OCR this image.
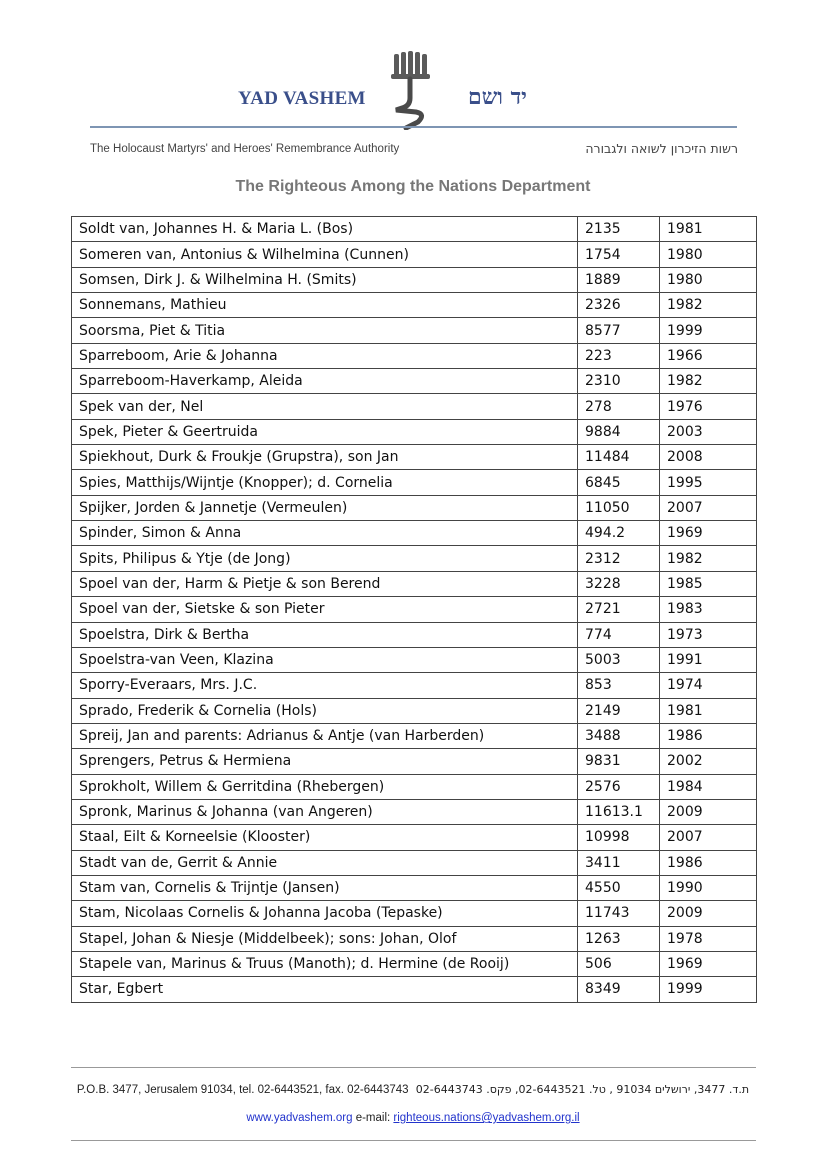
YAD VASHEM	יד ושם
The Holocaust Martyrs' and Heroes' Remembrance Authority	רשות הזיכרון לשואה ולגבורה
The Righteous Among the Nations Department
Soldt van, Johannes H. & Maria L. (Bos)	2135	1981
Someren van, Antonius & Wilhelmina (Cunnen)	1754	1980
Somsen, Dirk J. & Wilhelmina H. (Smits)	1889	1980
Sonnemans, Mathieu	2326	1982
Soorsma, Piet & Titia	8577	1999
Sparreboom, Arie & Johanna	223	1966
Sparreboom-Haverkamp, Aleida	2310	1982
Spek van der, Nel	278	1976
Spek, Pieter & Geertruida	9884	2003
Spiekhout, Durk & Froukje (Grupstra), son Jan	11484	2008
Spies, Matthijs/Wijntje (Knopper); d. Cornelia	6845	1995
Spijker, Jorden & Jannetje (Vermeulen)	11050	2007
Spinder, Simon & Anna	494.2	1969
Spits, Philipus & Ytje (de Jong)	2312	1982
Spoel van der, Harm & Pietje & son Berend	3228	1985
Spoel van der, Sietske & son Pieter	2721	1983
Spoelstra, Dirk & Bertha	774	1973
Spoelstra-van Veen, Klazina	5003	1991
Sporry-Everaars, Mrs. J.C.	853	1974
Sprado, Frederik & Cornelia (Hols)	2149	1981
Spreij, Jan and parents: Adrianus & Antje (van Harberden)	3488	1986
Sprengers, Petrus & Hermiena	9831	2002
Sprokholt, Willem & Gerritdina (Rhebergen)	2576	1984
Spronk, Marinus & Johanna (van Angeren)	11613.1	2009
Staal, Eilt & Korneelsie (Klooster)	10998	2007
Stadt van de, Gerrit & Annie	3411	1986
Stam van, Cornelis & Trijntje (Jansen)	4550	1990
Stam, Nicolaas Cornelis & Johanna Jacoba (Tepaske)	11743	2009
Stapel, Johan & Niesje (Middelbeek); sons: Johan, Olof	1263	1978
Stapele van, Marinus & Truus (Manoth); d. Hermine (de Rooij)	506	1969
Star, Egbert	8349	1999
P.O.B. 3477, Jerusalem 91034, tel. 02-6443521, fax. 02-6443743 ת.ד. 3477, ירושלים 91034 , טל. 02-6443521, פקס. 02-6443743
www.yadvashem.org e-mail: righteous.nations@yadvashem.org.il
